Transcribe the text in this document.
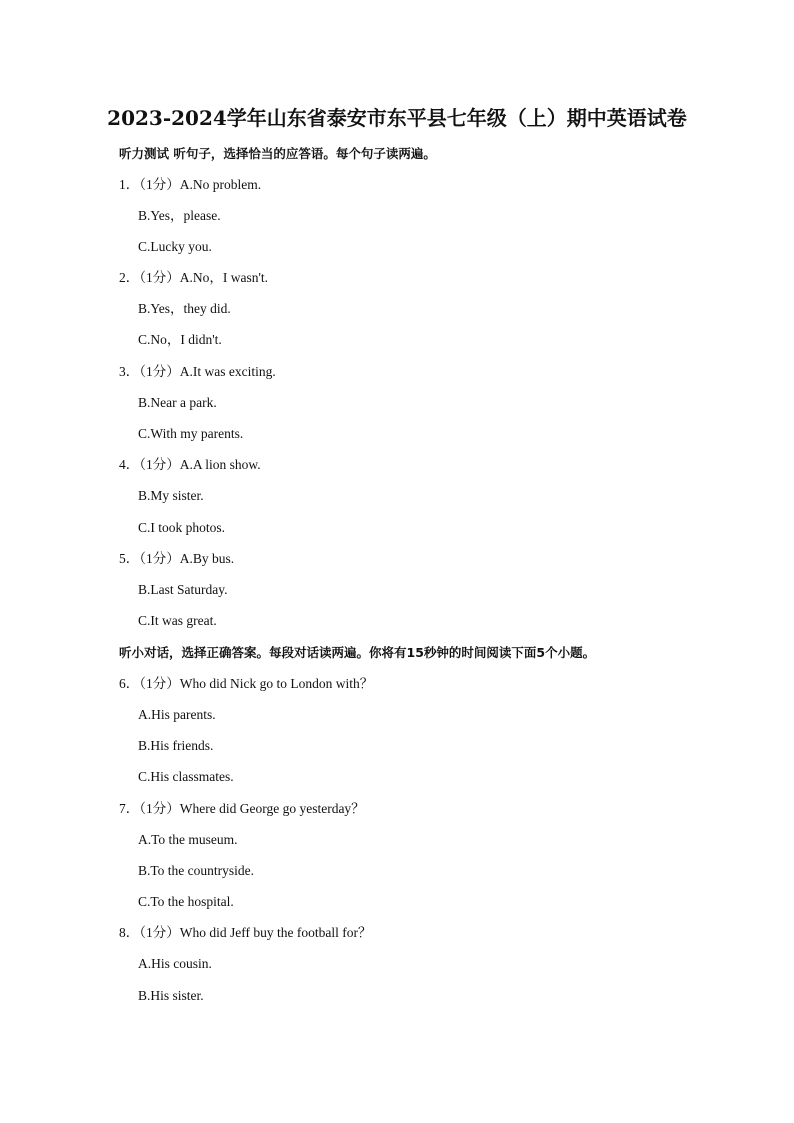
2023-2024学年山东省泰安市东平县七年级（上）期中英语试卷
听力测试 听句子，选择恰当的应答语。每个句子读两遍。
1．（1分）A.No problem.
B.Yes，please.
C.Lucky you.
2．（1分）A.No，I wasn't.
B.Yes，they did.
C.No，I didn't.
3．（1分）A.It was exciting.
B.Near a park.
C.With my parents.
4．（1分）A.A lion show.
B.My sister.
C.I took photos.
5．（1分）A.By bus.
B.Last Saturday.
C.It was great.
听小对话，选择正确答案。每段对话读两遍。你将有15秒钟的时间阅读下面5个小题。
6．（1分）Who did Nick go to London with？
A.His parents.
B.His friends.
C.His classmates.
7．（1分）Where did George go yesterday？
A.To the museum.
B.To the countryside.
C.To the hospital.
8．（1分）Who did Jeff buy the football for？
A.His cousin.
B.His sister.
